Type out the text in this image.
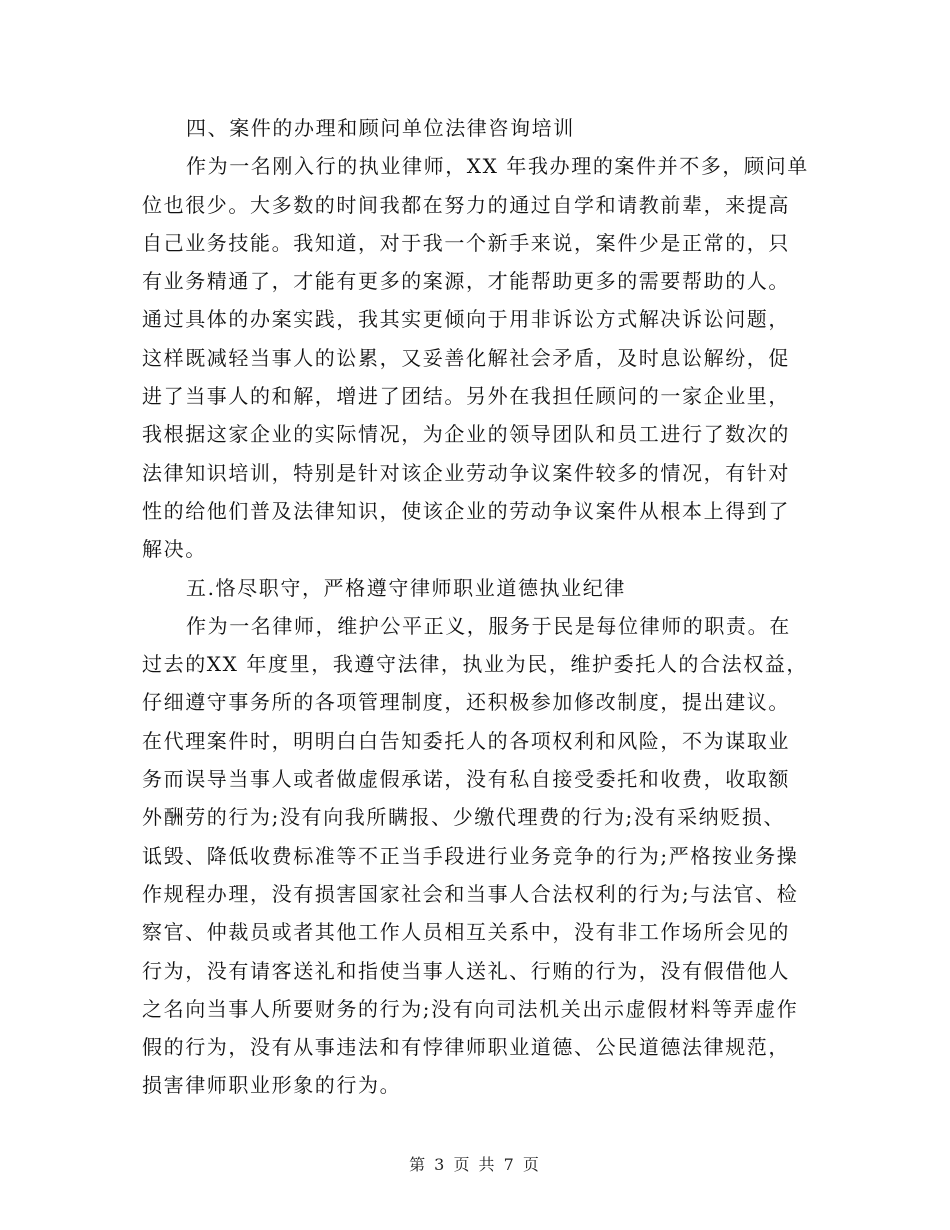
四、案件的办理和顾问单位法律咨询培训
作为一名刚入行的执业律师，XX 年我办理的案件并不多，顾问单
位也很少。大多数的时间我都在努力的通过自学和请教前辈，来提高
自己业务技能。我知道，对于我一个新手来说，案件少是正常的，只
有业务精通了，才能有更多的案源，才能帮助更多的需要帮助的人。
通过具体的办案实践，我其实更倾向于用非诉讼方式解决诉讼问题，
这样既减轻当事人的讼累，又妥善化解社会矛盾，及时息讼解纷，促
进了当事人的和解，增进了团结。另外在我担任顾问的一家企业里，
我根据这家企业的实际情况，为企业的领导团队和员工进行了数次的
法律知识培训，特别是针对该企业劳动争议案件较多的情况，有针对
性的给他们普及法律知识，使该企业的劳动争议案件从根本上得到了
解决。
五.恪尽职守，严格遵守律师职业道德执业纪律
作为一名律师，维护公平正义，服务于民是每位律师的职责。在
过去的XX 年度里，我遵守法律，执业为民，维护委托人的合法权益，
仔细遵守事务所的各项管理制度，还积极参加修改制度，提出建议。
在代理案件时，明明白白告知委托人的各项权利和风险，不为谋取业
务而误导当事人或者做虚假承诺，没有私自接受委托和收费，收取额
外酬劳的行为;没有向我所瞒报、少缴代理费的行为;没有采纳贬损、
诋毁、降低收费标准等不正当手段进行业务竞争的行为;严格按业务操
作规程办理，没有损害国家社会和当事人合法权利的行为;与法官、检
察官、仲裁员或者其他工作人员相互关系中，没有非工作场所会见的
行为，没有请客送礼和指使当事人送礼、行贿的行为，没有假借他人
之名向当事人所要财务的行为;没有向司法机关出示虚假材料等弄虚作
假的行为，没有从事违法和有悖律师职业道德、公民道德法律规范，
损害律师职业形象的行为。
第 3 页 共 7 页
